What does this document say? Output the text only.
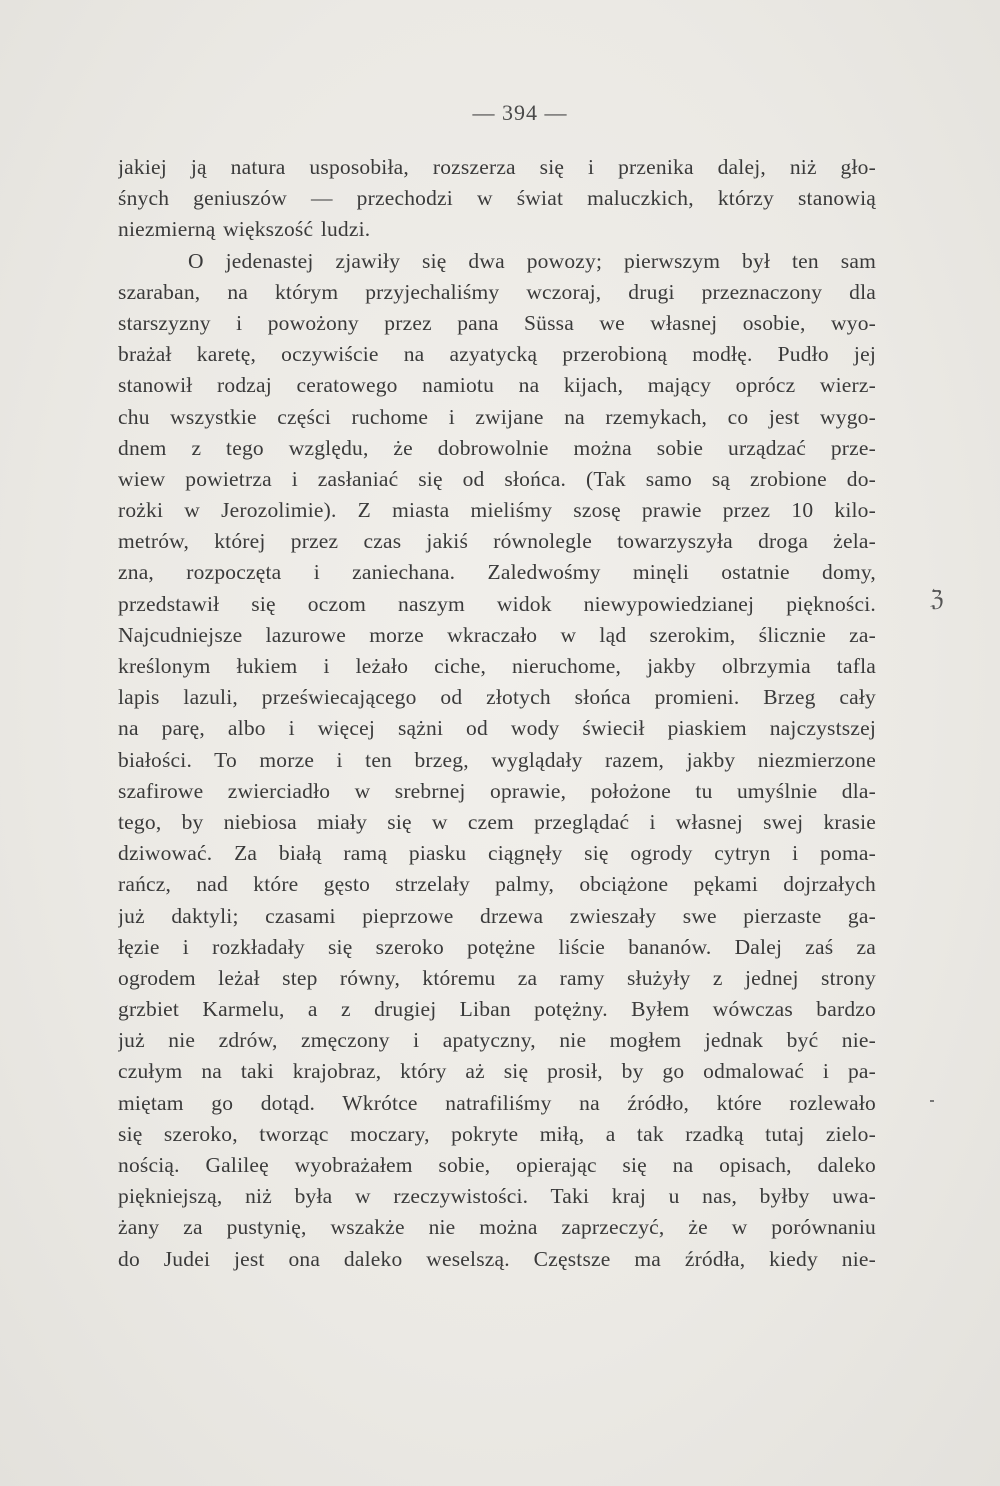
— 394 —
jakiej ją natura usposobiła, rozszerza się i przenika dalej, niż gło-
śnych geniuszów — przechodzi w świat maluczkich, którzy stanowią
niezmierną większość ludzi.
O jedenastej zjawiły się dwa powozy; pierwszym był ten sam
szaraban, na którym przyjechaliśmy wczoraj, drugi przeznaczony dla
starszyzny i powożony przez pana Süssa we własnej osobie, wyo-
brażał karetę, oczywiście na azyatycką przerobioną modłę. Pudło jej
stanowił rodzaj ceratowego namiotu na kijach, mający oprócz wierz-
chu wszystkie części ruchome i zwijane na rzemykach, co jest wygo-
dnem z tego względu, że dobrowolnie można sobie urządzać prze-
wiew powietrza i zasłaniać się od słońca. (Tak samo są zrobione do-
rożki w Jerozolimie). Z miasta mieliśmy szosę prawie przez 10 kilo-
metrów, której przez czas jakiś równolegle towarzyszyła droga żela-
zna, rozpoczęta i zaniechana. Zaledwośmy minęli ostatnie domy,
przedstawił się oczom naszym widok niewypowiedzianej piękności.
Najcudniejsze lazurowe morze wkraczało w ląd szerokim, ślicznie za-
kreślonym łukiem i leżało ciche, nieruchome, jakby olbrzymia tafla
lapis lazuli, przeświecającego od złotych słońca promieni. Brzeg cały
na parę, albo i więcej sążni od wody świecił piaskiem najczystszej
białości. To morze i ten brzeg, wyglądały razem, jakby niezmierzone
szafirowe zwierciadło w srebrnej oprawie, położone tu umyślnie dla-
tego, by niebiosa miały się w czem przeglądać i własnej swej krasie
dziwować. Za białą ramą piasku ciągnęły się ogrody cytryn i poma-
rańcz, nad które gęsto strzelały palmy, obciążone pękami dojrzałych
już daktyli; czasami pieprzowe drzewa zwieszały swe pierzaste ga-
łęzie i rozkładały się szeroko potężne liście bananów. Dalej zaś za
ogrodem leżał step równy, któremu za ramy służyły z jednej strony
grzbiet Karmelu, a z drugiej Liban potężny. Byłem wówczas bardzo
już nie zdrów, zmęczony i apatyczny, nie mogłem jednak być nie-
czułym na taki krajobraz, który aż się prosił, by go odmalować i pa-
miętam go dotąd. Wkrótce natrafiliśmy na źródło, które rozlewało
się szeroko, tworząc moczary, pokryte miłą, a tak rzadką tutaj zielo-
nością. Galileę wyobrażałem sobie, opierając się na opisach, daleko
piękniejszą, niż była w rzeczywistości. Taki kraj u nas, byłby uwa-
żany za pustynię, wszakże nie można zaprzeczyć, że w porównaniu
do Judei jest ona daleko weselszą. Częstsze ma źródła, kiedy nie-
ℨ
